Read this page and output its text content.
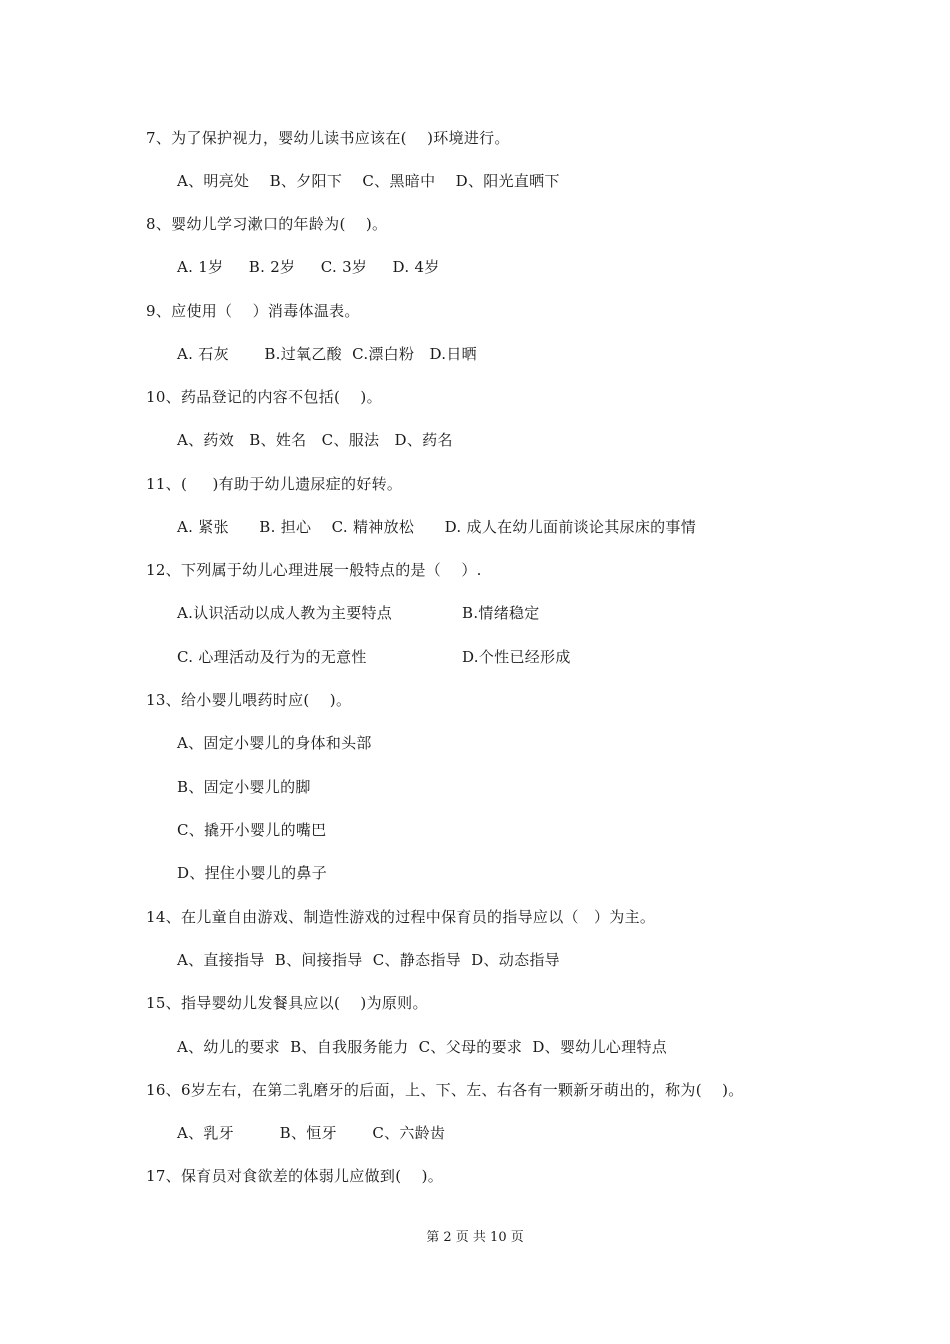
7、为了保护视力，婴幼儿读书应该在(    )环境进行。
A、明亮处    B、夕阳下    C、黑暗中    D、阳光直晒下
8、婴幼儿学习漱口的年龄为(    )。
A. 1岁     B. 2岁     C. 3岁     D. 4岁
9、应使用（    ）消毒体温表。
A. 石灰       B.过氧乙酸  C.漂白粉   D.日晒
10、药品登记的内容不包括(    )。
A、药效   B、姓名   C、服法   D、药名
11、(     )有助于幼儿遗尿症的好转。
A. 紧张      B. 担心    C. 精神放松      D. 成人在幼儿面前谈论其尿床的事情
12、下列属于幼儿心理进展一般特点的是（    ）.
A.认识活动以成人教为主要特点	B.情绪稳定
C. 心理活动及行为的无意性	D.个性已经形成
13、给小婴儿喂药时应(    )。
A、固定小婴儿的身体和头部
B、固定小婴儿的脚
C、撬开小婴儿的嘴巴
D、捏住小婴儿的鼻子
14、在儿童自由游戏、制造性游戏的过程中保育员的指导应以（   ）为主。
A、直接指导  B、间接指导  C、静态指导  D、动态指导
15、指导婴幼儿发餐具应以(    )为原则。
A、幼儿的要求  B、自我服务能力  C、父母的要求  D、婴幼儿心理特点
16、6岁左右，在第二乳磨牙的后面，上、下、左、右各有一颗新牙萌出的，称为(    )。
A、乳牙         B、恒牙       C、六龄齿
17、保育员对食欲差的体弱儿应做到(    )。
第 2 页 共 10 页
